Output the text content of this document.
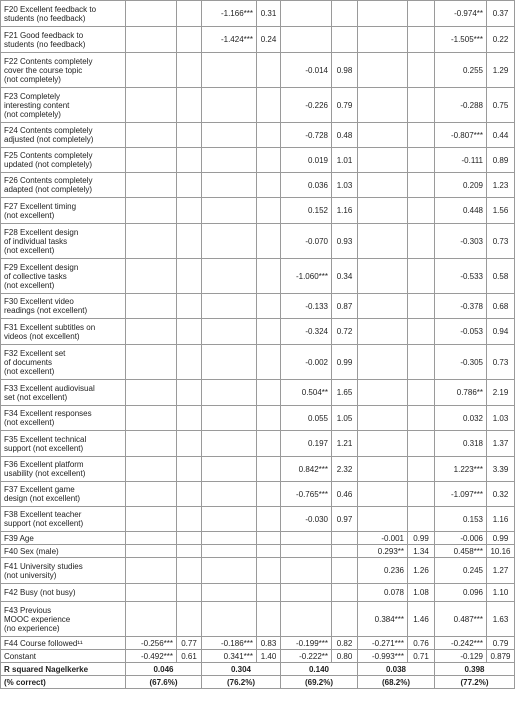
F20 Excellent feedback to
students (no feedback)			-1.166***	0.31					-0.974**	0.37
F21 Good feedback to
students (no feedback)			-1.424***	0.24					-1.505***	0.22
F22 Contents completely
cover the course topic
(not completely)					-0.014	0.98			0.255	1.29
F23 Completely
interesting content
(not completely)					-0.226	0.79			-0.288	0.75
F24 Contents completely
adjusted (not completely)					-0.728	0.48			-0.807***	0.44
F25 Contents completely
updated (not completely)					0.019	1.01			-0.111	0.89
F26 Contents completely
adapted (not completely)					0.036	1.03			0.209	1.23
F27 Excellent timing
(not excellent)					0.152	1.16			0.448	1.56
F28 Excellent design
of individual tasks
(not excellent)					-0.070	0.93			-0.303	0.73
F29 Excellent design
of collective tasks
(not excellent)					-1.060***	0.34			-0.533	0.58
F30 Excellent video
readings (not excellent)					-0.133	0.87			-0.378	0.68
F31 Excellent subtitles on
videos (not excellent)					-0.324	0.72			-0.053	0.94
F32 Excellent set
of documents
(not excellent)					-0.002	0.99			-0.305	0.73
F33 Excellent audiovisual
set (not excellent)					0.504**	1.65			0.786**	2.19
F34 Excellent responses
(not excellent)					0.055	1.05			0.032	1.03
F35 Excellent technical
support (not excellent)					0.197	1.21			0.318	1.37
F36 Excellent platform
usability (not excellent)					0.842***	2.32			1.223***	3.39
F37 Excellent game
design (not excellent)					-0.765***	0.46			-1.097***	0.32
F38 Excellent teacher
support (not excellent)					-0.030	0.97			0.153	1.16
F39 Age							-0.001	0.99	-0.006	0.99
F40 Sex (male)							0.293**	1.34	0.458***	10.16
F41 University studies
(not university)							0.236	1.26	0.245	1.27
F42 Busy (not busy)							0.078	1.08	0.096	1.10
F43 Previous
MOOC experience
(no experience)							0.384***	1.46	0.487***	1.63
F44 Course followed¹¹	-0.256***	0.77	-0.186***	0.83	-0.199***	0.82	-0.271***	0.76	-0.242***	0.79
Constant	-0.492***	0.61	0.341***	1.40	-0.222**	0.80	-0.993***	0.71	-0.129	0.879
R squared Nagelkerke	0.046		0.304		0.140		0.038		0.398	
(% correct)	(67.6%)		(76.2%)		(69.2%)		(68.2%)		(77.2%)	
